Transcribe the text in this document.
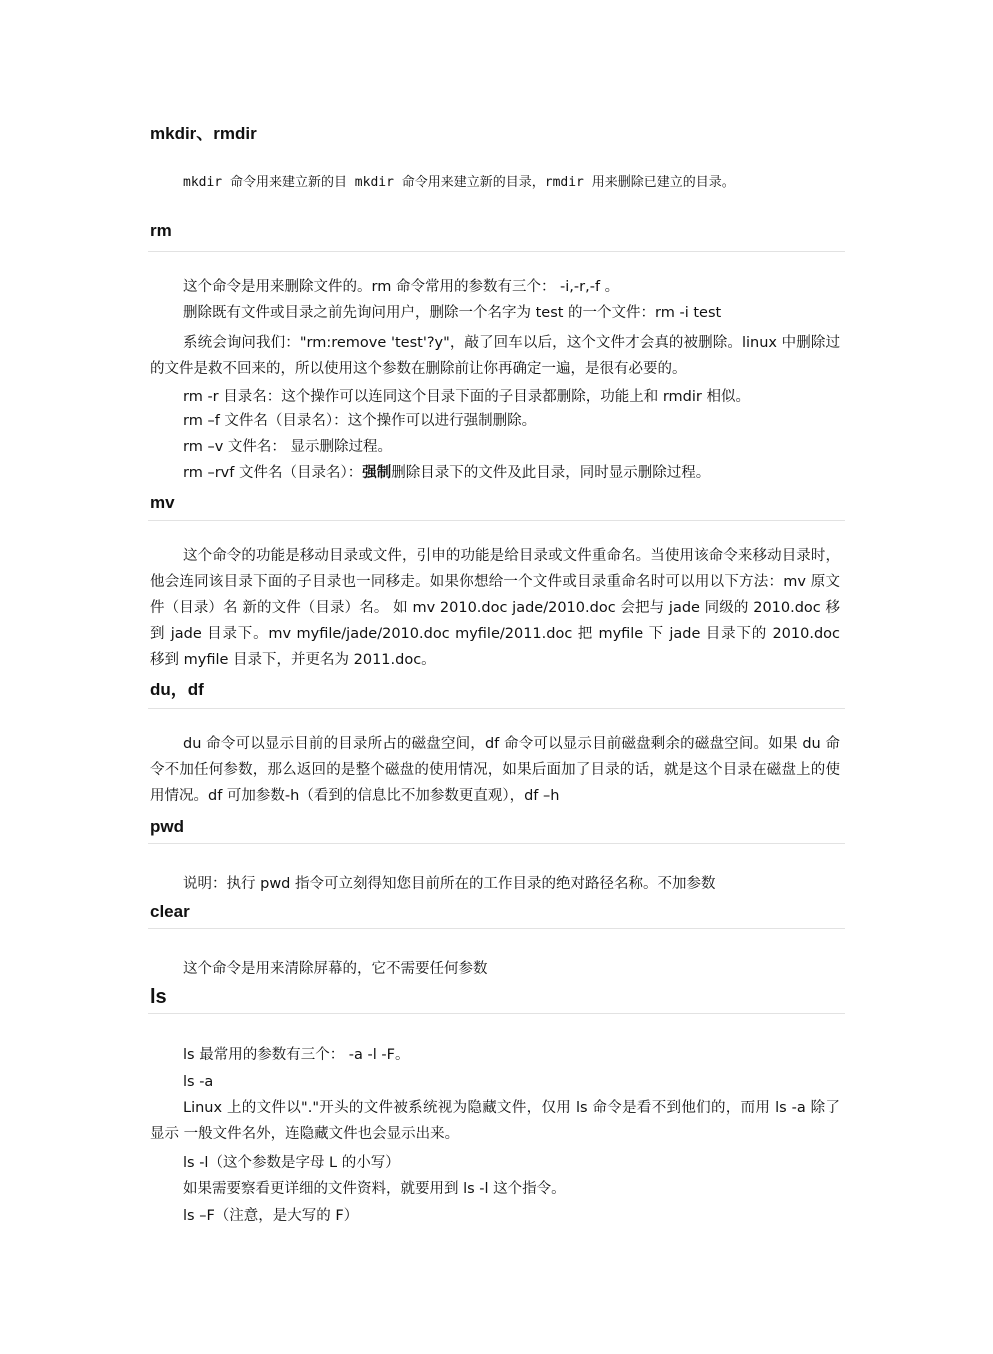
mkdir、rmdir

mkdir 命令用来建立新的目 mkdir 命令用来建立新的目录，rmdir 用来删除已建立的目录。

rm

这个命令是用来删除文件的。rm 命令常用的参数有三个： -i,-r,-f 。

删除既有文件或目录之前先询问用户，删除一个名字为 test 的一个文件：rm -i test

系统会询问我们："rm:remove 'test'?y"，敲了回车以后，这个文件才会真的被删除。linux 中删除过的文件是救不回来的，所以使用这个参数在删除前让你再确定一遍，是很有必要的。

rm -r 目录名：这个操作可以连同这个目录下面的子目录都删除，功能上和 rmdir 相似。

rm –f 文件名（目录名）：这个操作可以进行强制删除。

rm –v 文件名： 显示删除过程。

rm –rvf 文件名（目录名）：强制删除目录下的文件及此目录，同时显示删除过程。

mv

这个命令的功能是移动目录或文件，引申的功能是给目录或文件重命名。当使用该命令来移动目录时，他会连同该目录下面的子目录也一同移走。如果你想给一个文件或目录重命名时可以用以下方法：mv 原文件（目录）名 新的文件（目录）名。 如 mv 2010.doc jade/2010.doc 会把与 jade 同级的 2010.doc 移到 jade 目录下。mv myfile/jade/2010.doc myfile/2011.doc 把 myfile 下 jade 目录下的 2010.doc 移到 myfile 目录下，并更名为 2011.doc。

du，df

du 命令可以显示目前的目录所占的磁盘空间，df 命令可以显示目前磁盘剩余的磁盘空间。如果 du 命令不加任何参数，那么返回的是整个磁盘的使用情况，如果后面加了目录的话，就是这个目录在磁盘上的使用情况。df 可加参数-h（看到的信息比不加参数更直观），df –h

pwd

说明：执行 pwd 指令可立刻得知您目前所在的工作目录的绝对路径名称。不加参数

clear

这个命令是用来清除屏幕的，它不需要任何参数

ls

ls 最常用的参数有三个： -a -l -F。

ls -a

Linux 上的文件以"."开头的文件被系统视为隐藏文件，仅用 ls 命令是看不到他们的，而用 ls -a 除了显示 一般文件名外，连隐藏文件也会显示出来。

ls -l（这个参数是字母 L 的小写）

如果需要察看更详细的文件资料，就要用到 ls -l 这个指令。

ls –F（注意，是大写的 F）
